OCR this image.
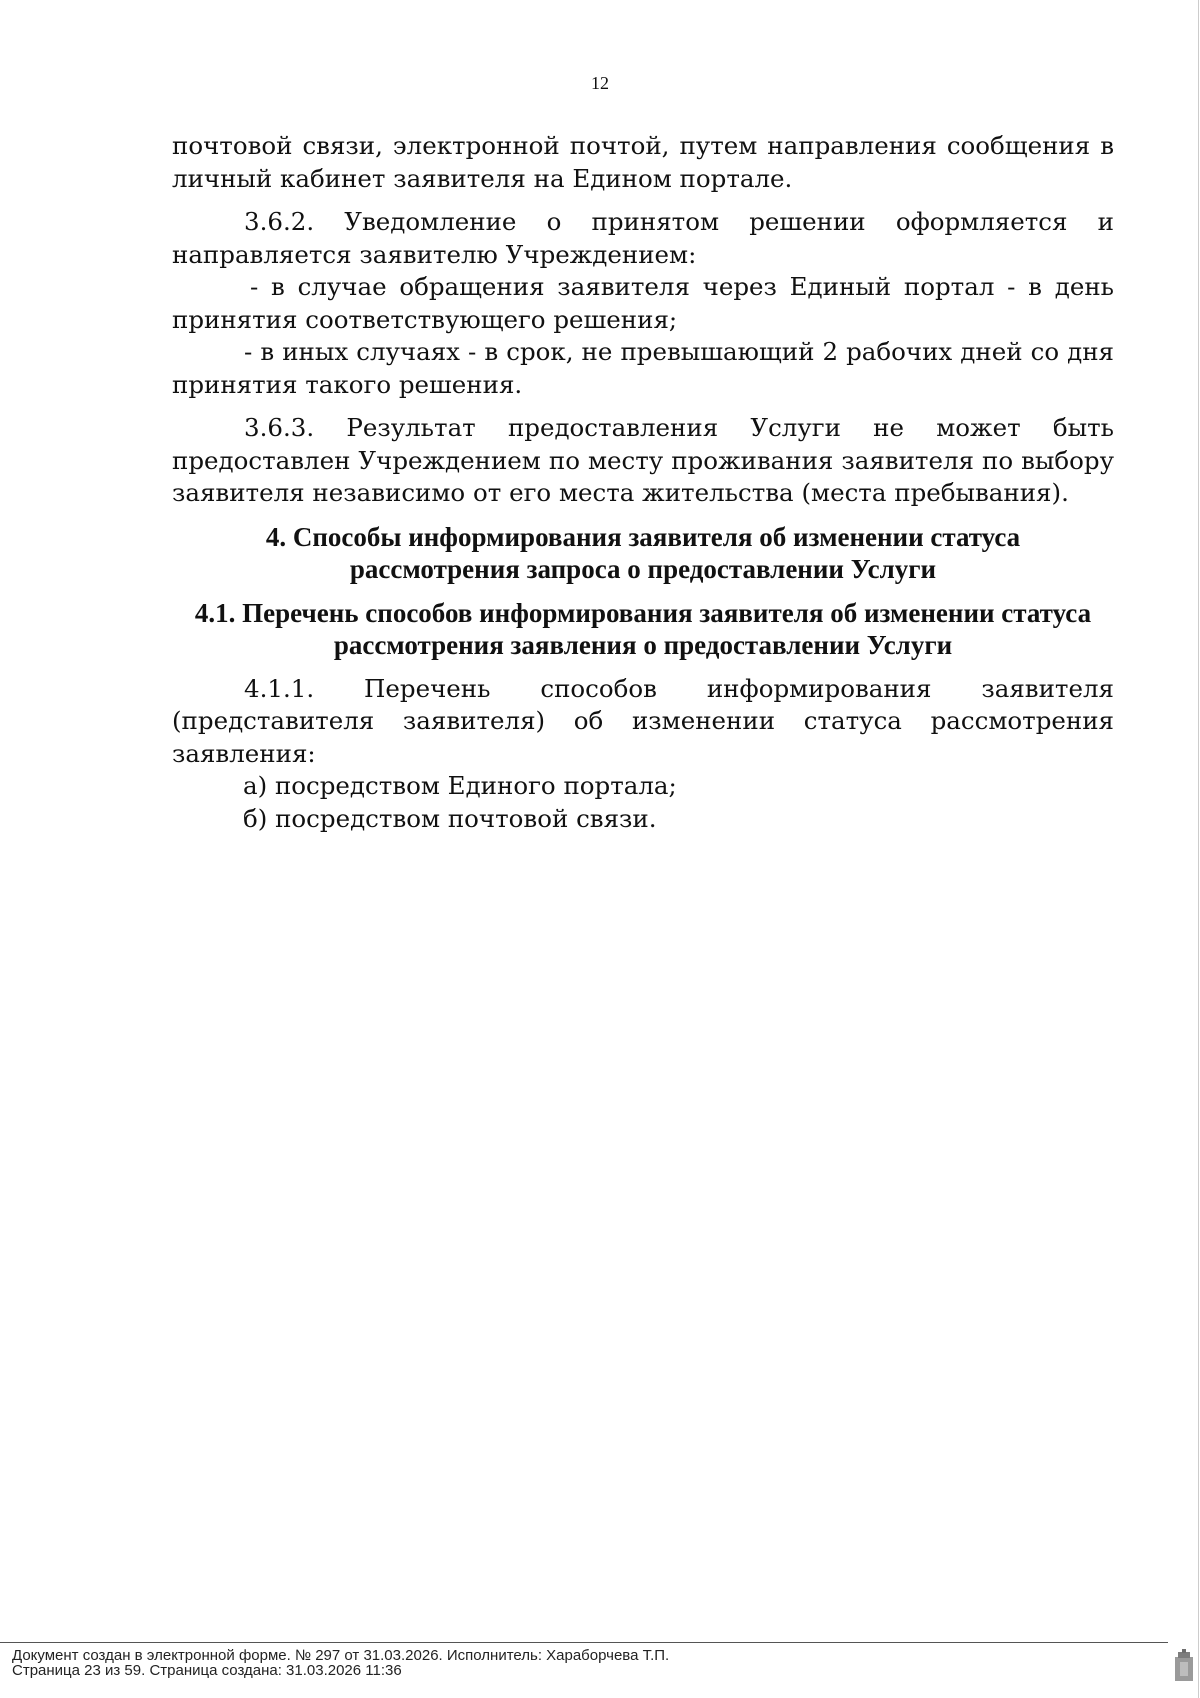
12

почтовой связи, электронной почтой, путем направления сообщения в личный кабинет заявителя на Едином портале.

3.6.2. Уведомление о принятом решении оформляется и направляется заявителю Учреждением:

- в случае обращения заявителя через Единый портал - в день принятия соответствующего решения;

- в иных случаях - в срок, не превышающий 2 рабочих дней со дня принятия такого решения.

3.6.3. Результат предоставления Услуги не может быть предоставлен Учреждением по месту проживания заявителя по выбору заявителя независимо от его места жительства (места пребывания).

4. Способы информирования заявителя об изменении статуса
рассмотрения запроса о предоставлении Услуги
4.1. Перечень способов информирования заявителя об изменении статуса
рассмотрения заявления о предоставлении Услуги

4.1.1. Перечень способов информирования заявителя (представителя заявителя) об изменении статуса рассмотрения заявления:

а) посредством Единого портала;

б) посредством почтовой связи.

Документ создан в электронной форме. № 297 от 31.03.2026. Исполнитель: Хараборчева Т.П.
Страница 23 из 59. Страница создана: 31.03.2026 11:36
